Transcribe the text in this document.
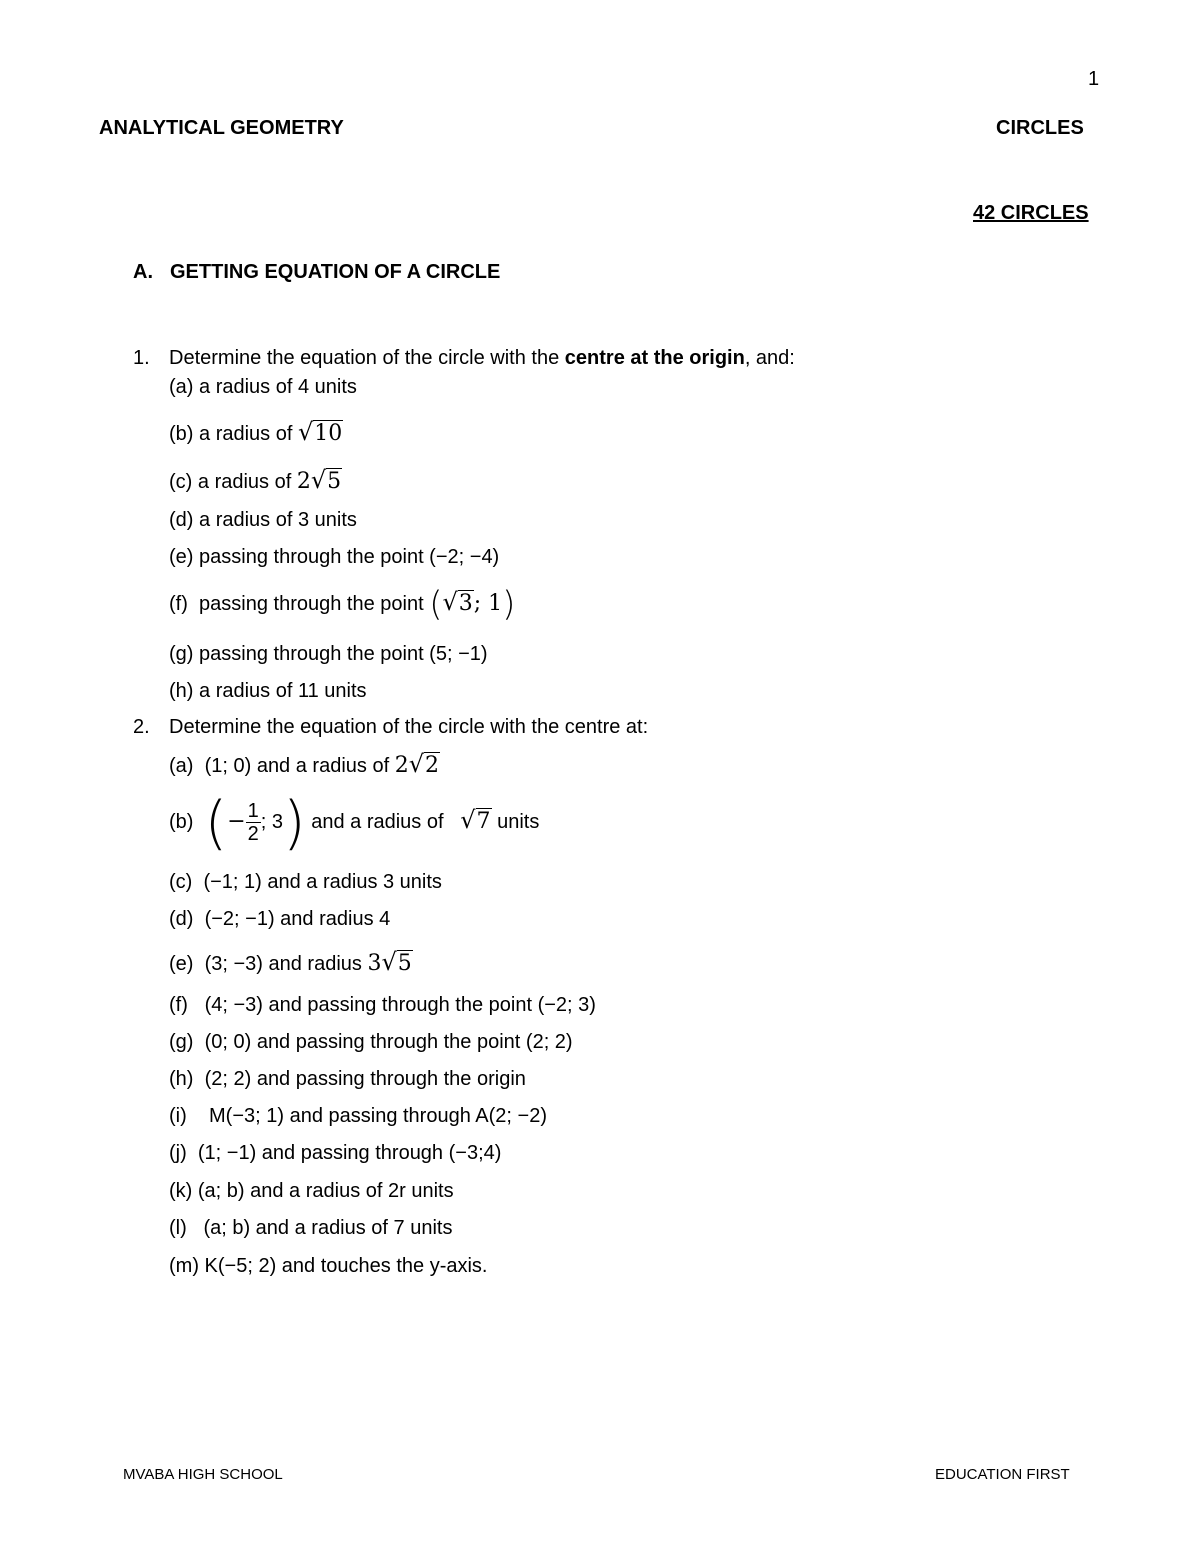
1
ANALYTICAL GEOMETRY	CIRCLES
42 CIRCLES
A. GETTING EQUATION OF A CIRCLE
1. Determine the equation of the circle with the centre at the origin, and:
(a) a radius of 4 units
(b) a radius of √10
(c) a radius of 2√5
(d) a radius of 3 units
(e) passing through the point (−2; −4)
(f) passing through the point (√3; 1)
(g) passing through the point (5; −1)
(h) a radius of 11 units
2. Determine the equation of the circle with the centre at:
(a) (1; 0) and a radius of 2√2
(b) (− $\frac{1}{2}$ ; 3) and a radius of   √7 units
(c) (−1; 1) and a radius 3 units
(d) (−2; −1) and radius 4
(e) (3; −3) and radius 3√5
(f) (4; −3) and passing through the point (−2; 3)
(g) (0; 0) and passing through the point (2; 2)
(h) (2; 2) and passing through the origin
(i) M(−3; 1) and passing through A(2; −2)
(j) (1; −1) and passing through (−3;4)
(k) (a; b) and a radius of 2r units
(l) (a; b) and a radius of 7 units
(m) K(−5; 2) and touches the y-axis.
MVABA HIGH SCHOOL	EDUCATION FIRST
